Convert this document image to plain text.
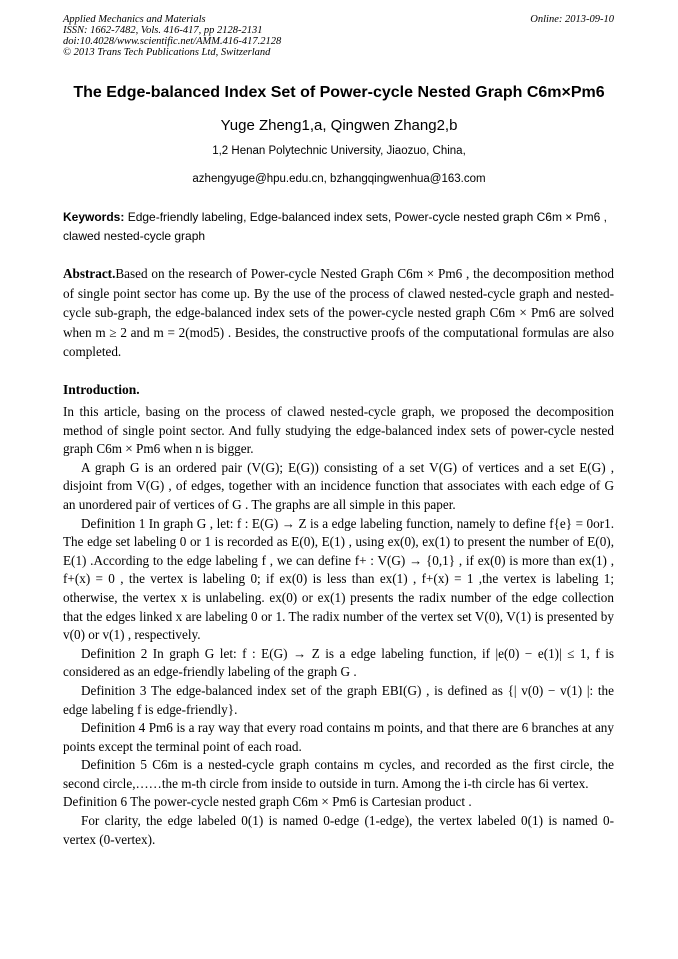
Applied Mechanics and Materials
ISSN: 1662-7482, Vols. 416-417, pp 2128-2131
doi:10.4028/www.scientific.net/AMM.416-417.2128
© 2013 Trans Tech Publications Ltd, Switzerland
Online: 2013-09-10
The Edge-balanced Index Set of Power-cycle Nested Graph C6m×Pm6
Yuge Zheng1,a, Qingwen Zhang2,b
1,2 Henan Polytechnic University, Jiaozuo, China,
azhengyuge@hpu.edu.cn, bzhangqingwenhua@163.com
Keywords: Edge-friendly labeling, Edge-balanced index sets, Power-cycle nested graph C6m × Pm6 ,
clawed nested-cycle graph
Abstract.Based on the research of Power-cycle Nested Graph C6m × Pm6 , the decomposition method of single point sector has come up. By the use of the process of clawed nested-cycle graph and nested-cycle sub-graph, the edge-balanced index sets of the power-cycle nested graph C6m × Pm6 are solved when m ≥ 2 and m = 2(mod5) . Besides, the constructive proofs of the computational formulas are also completed.
Introduction.

In this article, basing on the process of clawed nested-cycle graph, we proposed the decomposition method of single point sector. And fully studying the edge-balanced index sets of power-cycle nested graph C6m × Pm6 when n is bigger.

A graph G is an ordered pair (V(G); E(G)) consisting of a set V(G) of vertices and a set E(G) , disjoint from V(G) , of edges, together with an incidence function that associates with each edge of G an unordered pair of vertices of G . The graphs are all simple in this paper.

Definition 1 In graph G , let: f : E(G) → Z is a edge labeling function, namely to define f{e} = 0or1. The edge set labeling 0 or 1 is recorded as E(0), E(1) , using ex(0), ex(1) to present the number of E(0), E(1) .According to the edge labeling f , we can define f+ : V(G) → {0,1} , if ex(0) is more than ex(1) , f+(x) = 0 , the vertex is labeling 0; if ex(0) is less than ex(1) , f+(x) = 1 ,the vertex is labeling 1; otherwise, the vertex x is unlabeling. ex(0) or ex(1) presents the radix number of the edge collection that the edges linked x are labeling 0 or 1. The radix number of the vertex set V(0), V(1) is presented by v(0) or v(1) , respectively.

Definition 2 In graph G let: f : E(G) → Z is a edge labeling function, if |e(0) − e(1)| ≤ 1, f is considered as an edge-friendly labeling of the graph G .

Definition 3 The edge-balanced index set of the graph EBI(G) , is defined as {| v(0) − v(1) |: the edge labeling f is edge-friendly}.

Definition 4 Pm6 is a ray way that every road contains m points, and that there are 6 branches at any points except the terminal point of each road.

Definition 5 C6m is a nested-cycle graph contains m cycles, and recorded as the first circle, the second circle,……the m-th circle from inside to outside in turn. Among the i-th circle has 6i vertex.

Definition 6 The power-cycle nested graph C6m × Pm6 is Cartesian product .

For clarity, the edge labeled 0(1) is named 0-edge (1-edge), the vertex labeled 0(1) is named 0-vertex (0-vertex).
